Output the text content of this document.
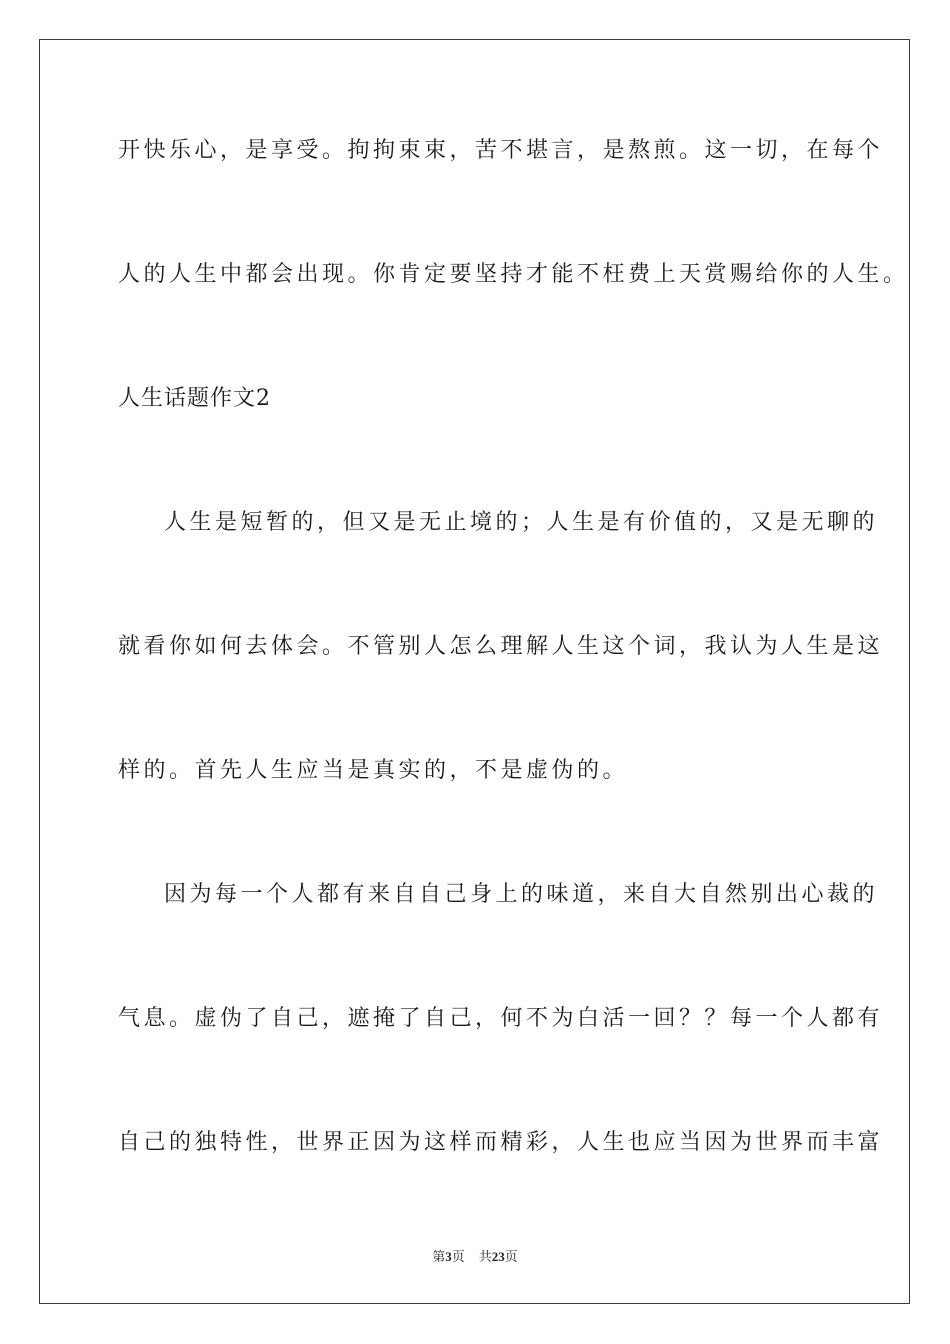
开快乐心，是享受。拘拘束束，苦不堪言，是熬煎。这一切，在每个
人的人生中都会出现。你肯定要坚持才能不枉费上天赏赐给你的人生。
人生话题作文2
人生是短暂的，但又是无止境的；人生是有价值的，又是无聊的
就看你如何去体会。不管别人怎么理解人生这个词，我认为人生是这
样的。首先人生应当是真实的，不是虚伪的。
因为每一个人都有来自自己身上的味道，来自大自然别出心裁的
气息。虚伪了自己，遮掩了自己，何不为白活一回？？每一个人都有
自己的独特性，世界正因为这样而精彩，人生也应当因为世界而丰富
第3页 共23页
